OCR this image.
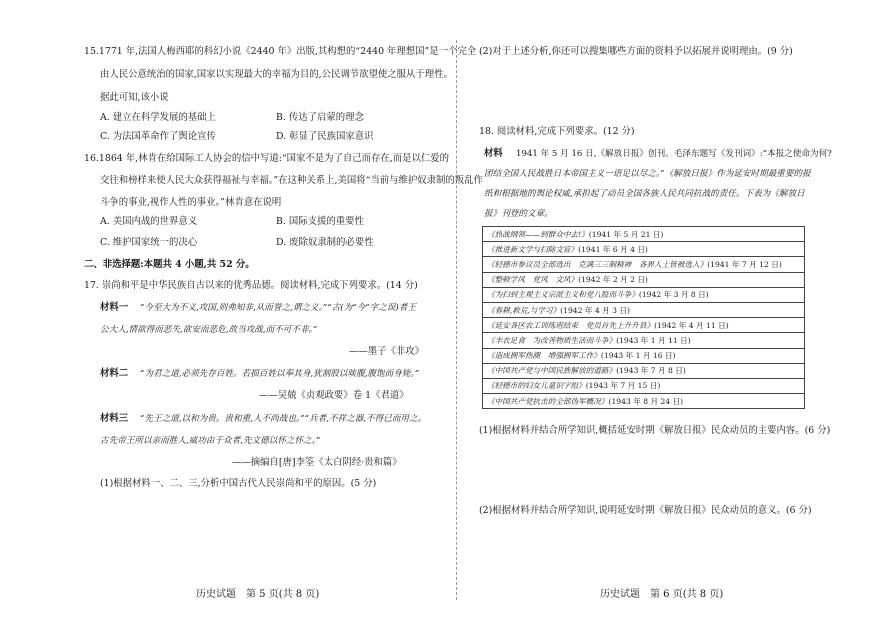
15.1771 年,法国人梅西耶的科幻小说《2440 年》出版,其构想的“2440 年理想国”是一个完全
由人民公意统治的国家,国家以实现最大的幸福为目的,公民调节欲望使之服从于理性。
据此可知,该小说
A. 建立在科学发展的基础上	B. 传达了启蒙的理念
C. 为法国革命作了舆论宣传	D. 彰显了民族国家意识
16.1864 年,林肯在给国际工人协会的信中写道:“国家不是为了自己而存在,而是以仁爱的
交往和榜样来使人民大众获得福祉与幸福。”在这种关系上,美国将“当前与维护奴隶制的叛乱作
斗争的事业,视作人性的事业。”林肯意在说明
A. 美国内战的世界意义	B. 国际支援的重要性
C. 维护国家统一的决心	D. 废除奴隶制的必要性
二、非选择题:本题共 4 小题,共 52 分。
17. 崇尚和平是中华民族自古以来的优秀品德。阅读材料,完成下列要求。(14 分)
材料一 “今至大为不义,攻国,则弗知非,从而誉之,谓之义。”“古(为“今”字之误)者王
公大人,情欲得而恶失,欲安而恶危,故当攻战,而不可不非。”
——墨子《非攻》
材料二 “为君之道,必须先存百姓。若损百姓以奉其身,犹割股以啖腹,腹饱而身毙。”
——吴兢《贞观政要》卷 1《君道》
材料三 “先王之道,以和为贵。贵和重,人不尚战也。”“兵者,不祥之器,不得已而用之。
古先帝王所以亲而胜人,威功由于众者,先文德以怀之怀之。”
——摘编自[唐]李筌《太白阴经·贵和篇》
(1)根据材料一、二、三,分析中国古代人民崇尚和平的原因。(5 分)
历史试题　第 5 页(共 8 页)
(2)对于上述分析,你还可以搜集哪些方面的资料予以拓展并说明理由。(9 分)
18. 阅读材料,完成下列要求。(12 分)
材料 1941 年 5 月 16 日,《解放日报》创刊。毛泽东题写《发刊词》:“本报之使命为何?
团结全国人民战胜日本帝国主义一语足以尽之。”《解放日报》作为延安时期最重要的报
纸和根据地的舆论权威,承担起了动员全国各族人民共同抗战的责任。下表为《解放日
报》刊登的文章。
《热战纲领——到群众中去!》(1941 年 5 月 21 日)
《推进新文学与扫除文盲》(1941 年 6 月 4 日)
《轻德市参议员全部选出　克满三三制精神　各界人士皆被选入》(1941 年 7 月 12 日)
《整顿学风　党风　文风》(1942 年 2 月 2 日)
《为扫到主观主义宗派主义和党八股而斗争》(1942 年 3 月 8 日)
《春耕,救荒,与学习》(1942 年 4 月 3 日)
《延安各区农工训练班结束　党员首先上升升县》(1942 年 4 月 11 日)
《丰衣足食　为改善物质生活而斗争》(1943 年 1 月 11 日)
《造成拥军热潮　增强拥军工作》(1943 年 1 月 16 日)
《中国共产党与中国民族解放的道路》(1943 年 7 月 8 日)
《轻德市的妇女儿童识字组》(1943 年 7 月 15 日)
《中国共产党抗击的全部伪军概况》(1943 年 8 月 24 日)
(1)根据材料并结合所学知识,概括延安时期《解放日报》民众动员的主要内容。(6 分)
(2)根据材料并结合所学知识,说明延安时期《解放日报》民众动员的意义。(6 分)
历史试题　第 6 页(共 8 页)
